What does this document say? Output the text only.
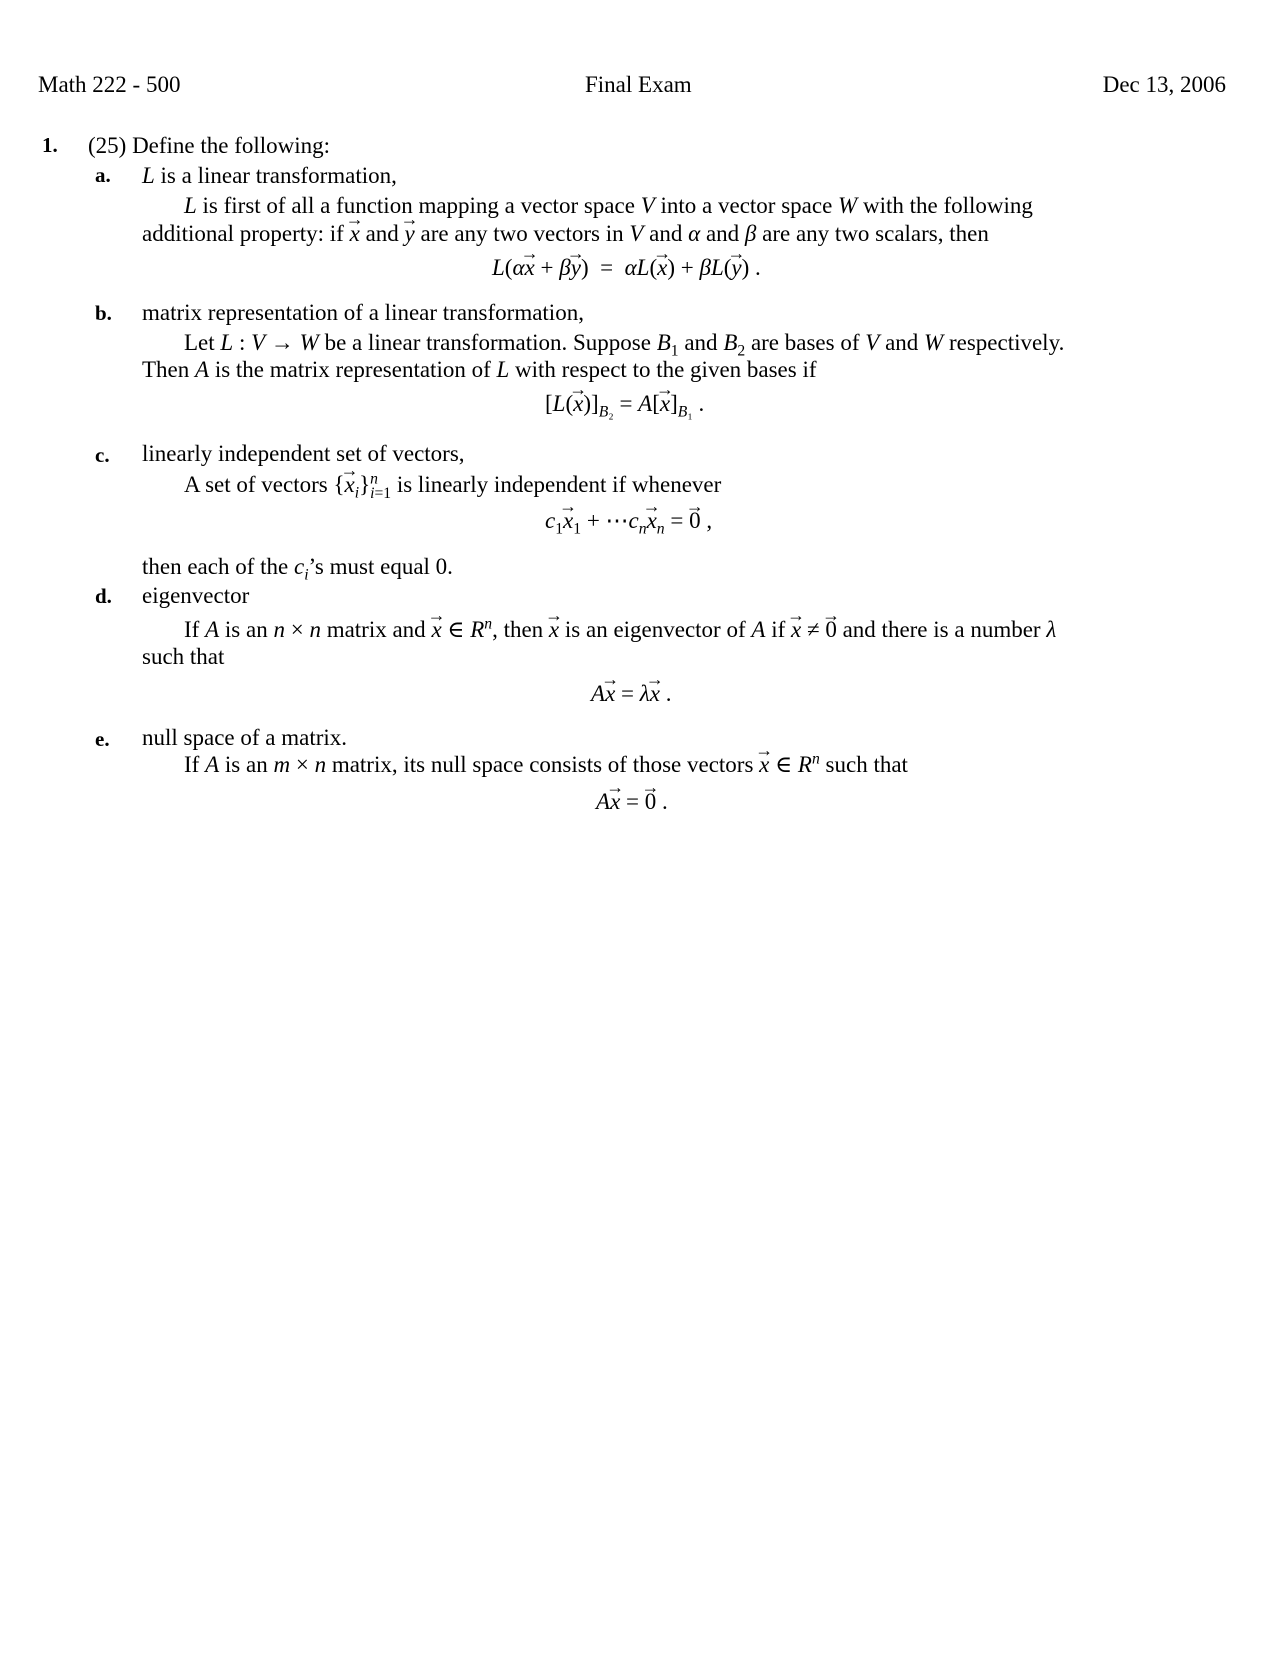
Math 222 - 500	Final Exam	Dec 13, 2006
1. (25) Define the following:
a. L is a linear transformation,
L is first of all a function mapping a vector space V into a vector space W with the following
additional property: if → x and → y are any two vectors in V and α and β are any two scalars, then
L(α→ x + β→ y)  =  αL(→ x) + βL(→ y) .
b. matrix representation of a linear transformation,
Let L : V → W be a linear transformation. Suppose $B_1$ and $B_2$ are bases of V and W respectively.
Then A is the matrix representation of L with respect to the given bases if
$[L(\to x)]_{B_2} = A[\to x]_{B_1}$ .
c. linearly independent set of vectors,
A set of vectors {→ $x_i\}^n_{i=1}$ is linearly independent if whenever
$c_1\to x_1$ + $\cdots c_n\to x_n$ = → 0 ,
then each of the $c_i’s$ must equal 0.
d. eigenvector
If A is an n × n matrix and → x ∈ $R^n$, then → x is an eigenvector of A if → x ≠ → 0 and there is a number λ
such that
A→ x = λ→ x .
e. null space of a matrix.
If A is an m × n matrix, its null space consists of those vectors → x ∈ $R^n$ such that
A→ x = → 0 .
